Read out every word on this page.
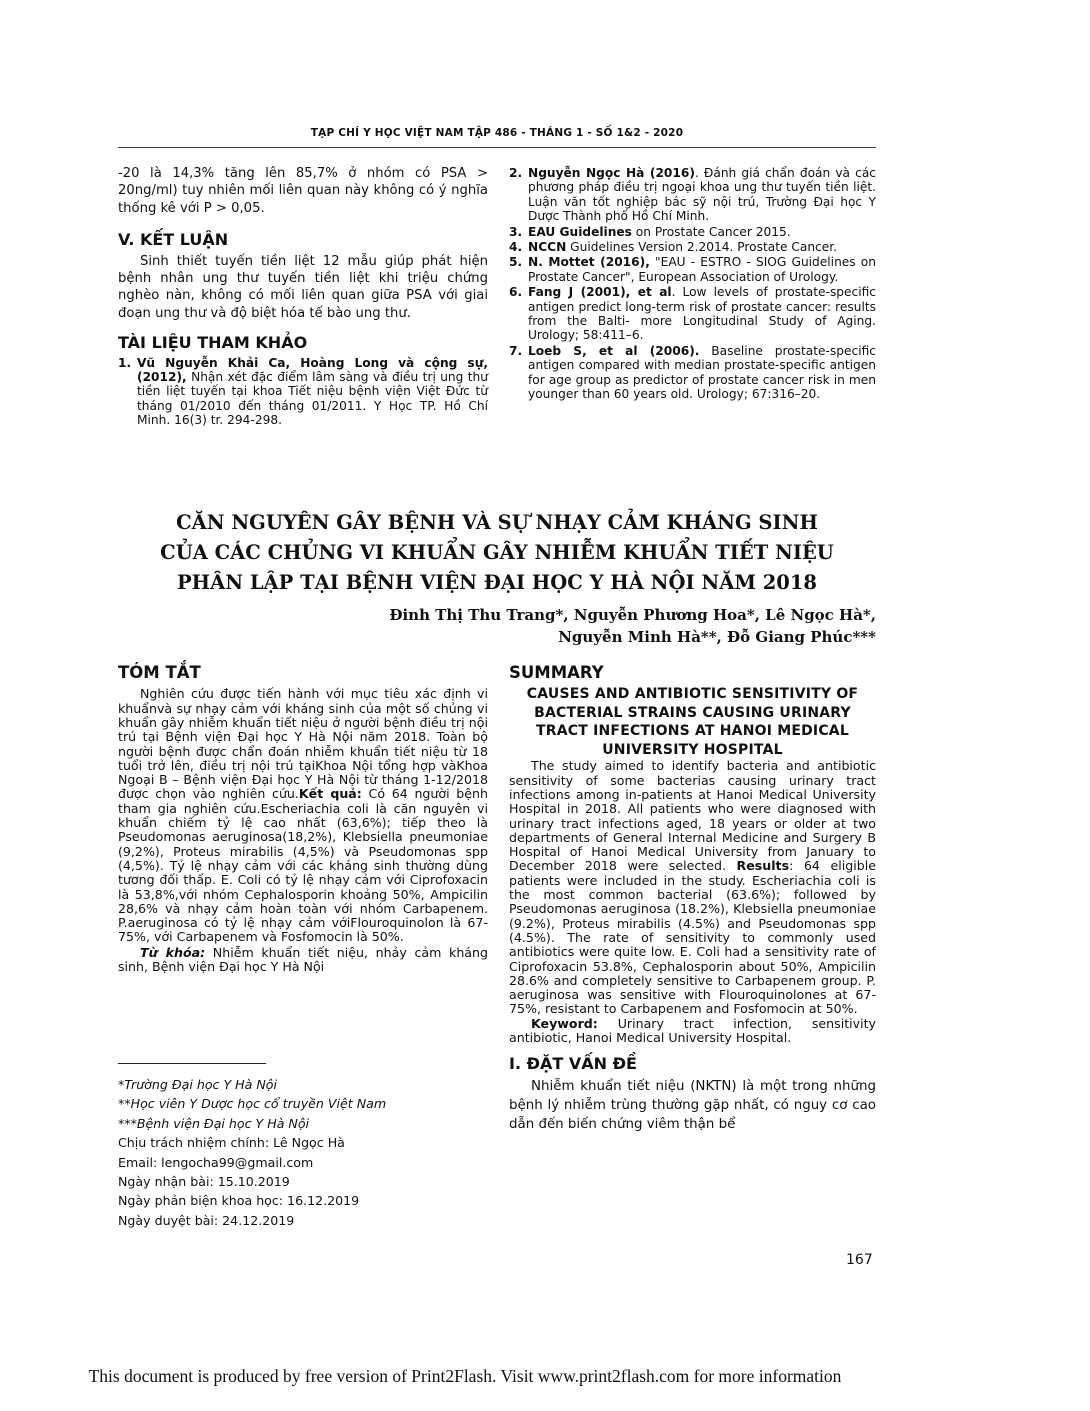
TẠP CHÍ Y HỌC VIỆT NAM TẬP 486 - THÁNG 1 - SỐ 1&2 - 2020

-20 là 14,3% tăng lên 85,7% ở nhóm có PSA > 20ng/ml) tuy nhiên mối liên quan này không có ý nghĩa thống kê với P > 0,05.

V. KẾT LUẬN

Sinh thiết tuyến tiền liệt 12 mẫu giúp phát hiện bệnh nhân ung thư tuyến tiền liệt khi triệu chứng nghèo nàn, không có mối liên quan giữa PSA với giai đoạn ung thư và độ biệt hóa tế bào ung thư.

TÀI LIỆU THAM KHẢO
1. Vũ Nguyễn Khải Ca, Hoàng Long và cộng sự, (2012), Nhận xét đặc điểm lâm sàng và điều trị ung thư tiền liệt tuyến tại khoa Tiết niệu bệnh viện Việt Đức từ tháng 01/2010 đến tháng 01/2011. Y Học TP. Hồ Chí Minh. 16(3) tr. 294-298.
2. Nguyễn Ngọc Hà (2016). Đánh giá chẩn đoán và các phương pháp điều trị ngoại khoa ung thư tuyến tiền liệt. Luận văn tốt nghiệp bác sỹ nội trú, Trường Đại học Y Dược Thành phố Hồ Chí Minh.
3. EAU Guidelines on Prostate Cancer 2015.
4. NCCN Guidelines Version 2.2014. Prostate Cancer.
5. N. Mottet (2016), "EAU - ESTRO - SIOG Guidelines on Prostate Cancer", European Association of Urology.
6. Fang J (2001), et al. Low levels of prostate-specific antigen predict long-term risk of prostate cancer: results from the Balti- more Longitudinal Study of Aging. Urology; 58:411–6.
7. Loeb S, et al (2006). Baseline prostate-specific antigen compared with median prostate-specific antigen for age group as predictor of prostate cancer risk in men younger than 60 years old. Urology; 67:316–20.
CĂN NGUYÊN GÂY BỆNH VÀ SỰ NHẠY CẢM KHÁNG SINH
CỦA CÁC CHỦNG VI KHUẨN GÂY NHIỄM KHUẨN TIẾT NIỆU
PHÂN LẬP TẠI BỆNH VIỆN ĐẠI HỌC Y HÀ NỘI NĂM 2018
Đinh Thị Thu Trang*, Nguyễn Phương Hoa*, Lê Ngọc Hà*,
Nguyễn Minh Hà**, Đỗ Giang Phúc***
TÓM TẮT

Nghiên cứu được tiến hành với mục tiêu xác định vi khuẩnvà sự nhạy cảm với kháng sinh của một số chủng vi khuẩn gây nhiễm khuẩn tiết niệu ở người bệnh điều trị nội trú tại Bệnh viện Đại học Y Hà Nội năm 2018. Toàn bộ người bệnh được chẩn đoán nhiễm khuẩn tiết niệu từ 18 tuổi trở lên, điều trị nội trú tạiKhoa Nội tổng hợp vàKhoa Ngoại B – Bệnh viện Đại học Y Hà Nội từ tháng 1-12/2018 được chọn vào nghiên cứu.Kết quả: Có 64 người bệnh tham gia nghiên cứu.Escheriachia coli là căn nguyên vi khuẩn chiếm tỷ lệ cao nhất (63,6%); tiếp theo là Pseudomonas aeruginosa(18,2%), Klebsiella pneumoniae (9,2%), Proteus mirabilis (4,5%) và Pseudomonas spp (4,5%). Tỷ lệ nhạy cảm với các kháng sinh thường dùng tương đối thấp. E. Coli có tỷ lệ nhạy cảm với Ciprofoxacin là 53,8%,với nhóm Cephalosporin khoảng 50%, Ampicilin 28,6% và nhạy cảm hoàn toàn với nhóm Carbapenem. P.aeruginosa có tỷ lệ nhạy cảm vớiFlouroquinolon là 67-75%, với Carbapenem và Fosfomocin là 50%.

Từ khóa: Nhiễm khuẩn tiết niệu, nhảy cảm kháng sinh, Bệnh viện Đại học Y Hà Nội

SUMMARY
CAUSES AND ANTIBIOTIC SENSITIVITY OF BACTERIAL STRAINS CAUSING URINARY TRACT INFECTIONS AT HANOI MEDICAL UNIVERSITY HOSPITAL

The study aimed to identify bacteria and antibiotic sensitivity of some bacterias causing urinary tract infections among in-patients at Hanoi Medical University Hospital in 2018. All patients who were diagnosed with urinary tract infections aged, 18 years or older at two departments of General Internal Medicine and Surgery B Hospital of Hanoi Medical University from January to December 2018 were selected. Results: 64 eligible patients were included in the study. Escheriachia coli is the most common bacterial (63.6%); followed by Pseudomonas aeruginosa (18.2%), Klebsiella pneumoniae (9.2%), Proteus mirabilis (4.5%) and Pseudomonas spp (4.5%). The rate of sensitivity to commonly used antibiotics were quite low. E. Coli had a sensitivity rate of Ciprofoxacin 53.8%, Cephalosporin about 50%, Ampicilin 28.6% and completely sensitive to Carbapenem group. P. aeruginosa was sensitive with Flouroquinolones at 67-75%, resistant to Carbapenem and Fosfomocin at 50%.

Keyword: Urinary tract infection, sensitivity antibiotic, Hanoi Medical University Hospital.

I. ĐẶT VẤN ĐỀ

Nhiễm khuẩn tiết niệu (NKTN) là một trong những bệnh lý nhiễm trùng thường gặp nhất, có nguy cơ cao dẫn đến biến chứng viêm thận bể

*Trường Đại học Y Hà Nội
**Học viên Y Dược học cổ truyền Việt Nam
***Bệnh viện Đại học Y Hà Nội
Chịu trách nhiệm chính: Lê Ngọc Hà
Email: lengocha99@gmail.com
Ngày nhận bài: 15.10.2019
Ngày phản biện khoa học: 16.12.2019
Ngày duyệt bài: 24.12.2019
167
This document is produced by free version of Print2Flash. Visit www.print2flash.com for more information
